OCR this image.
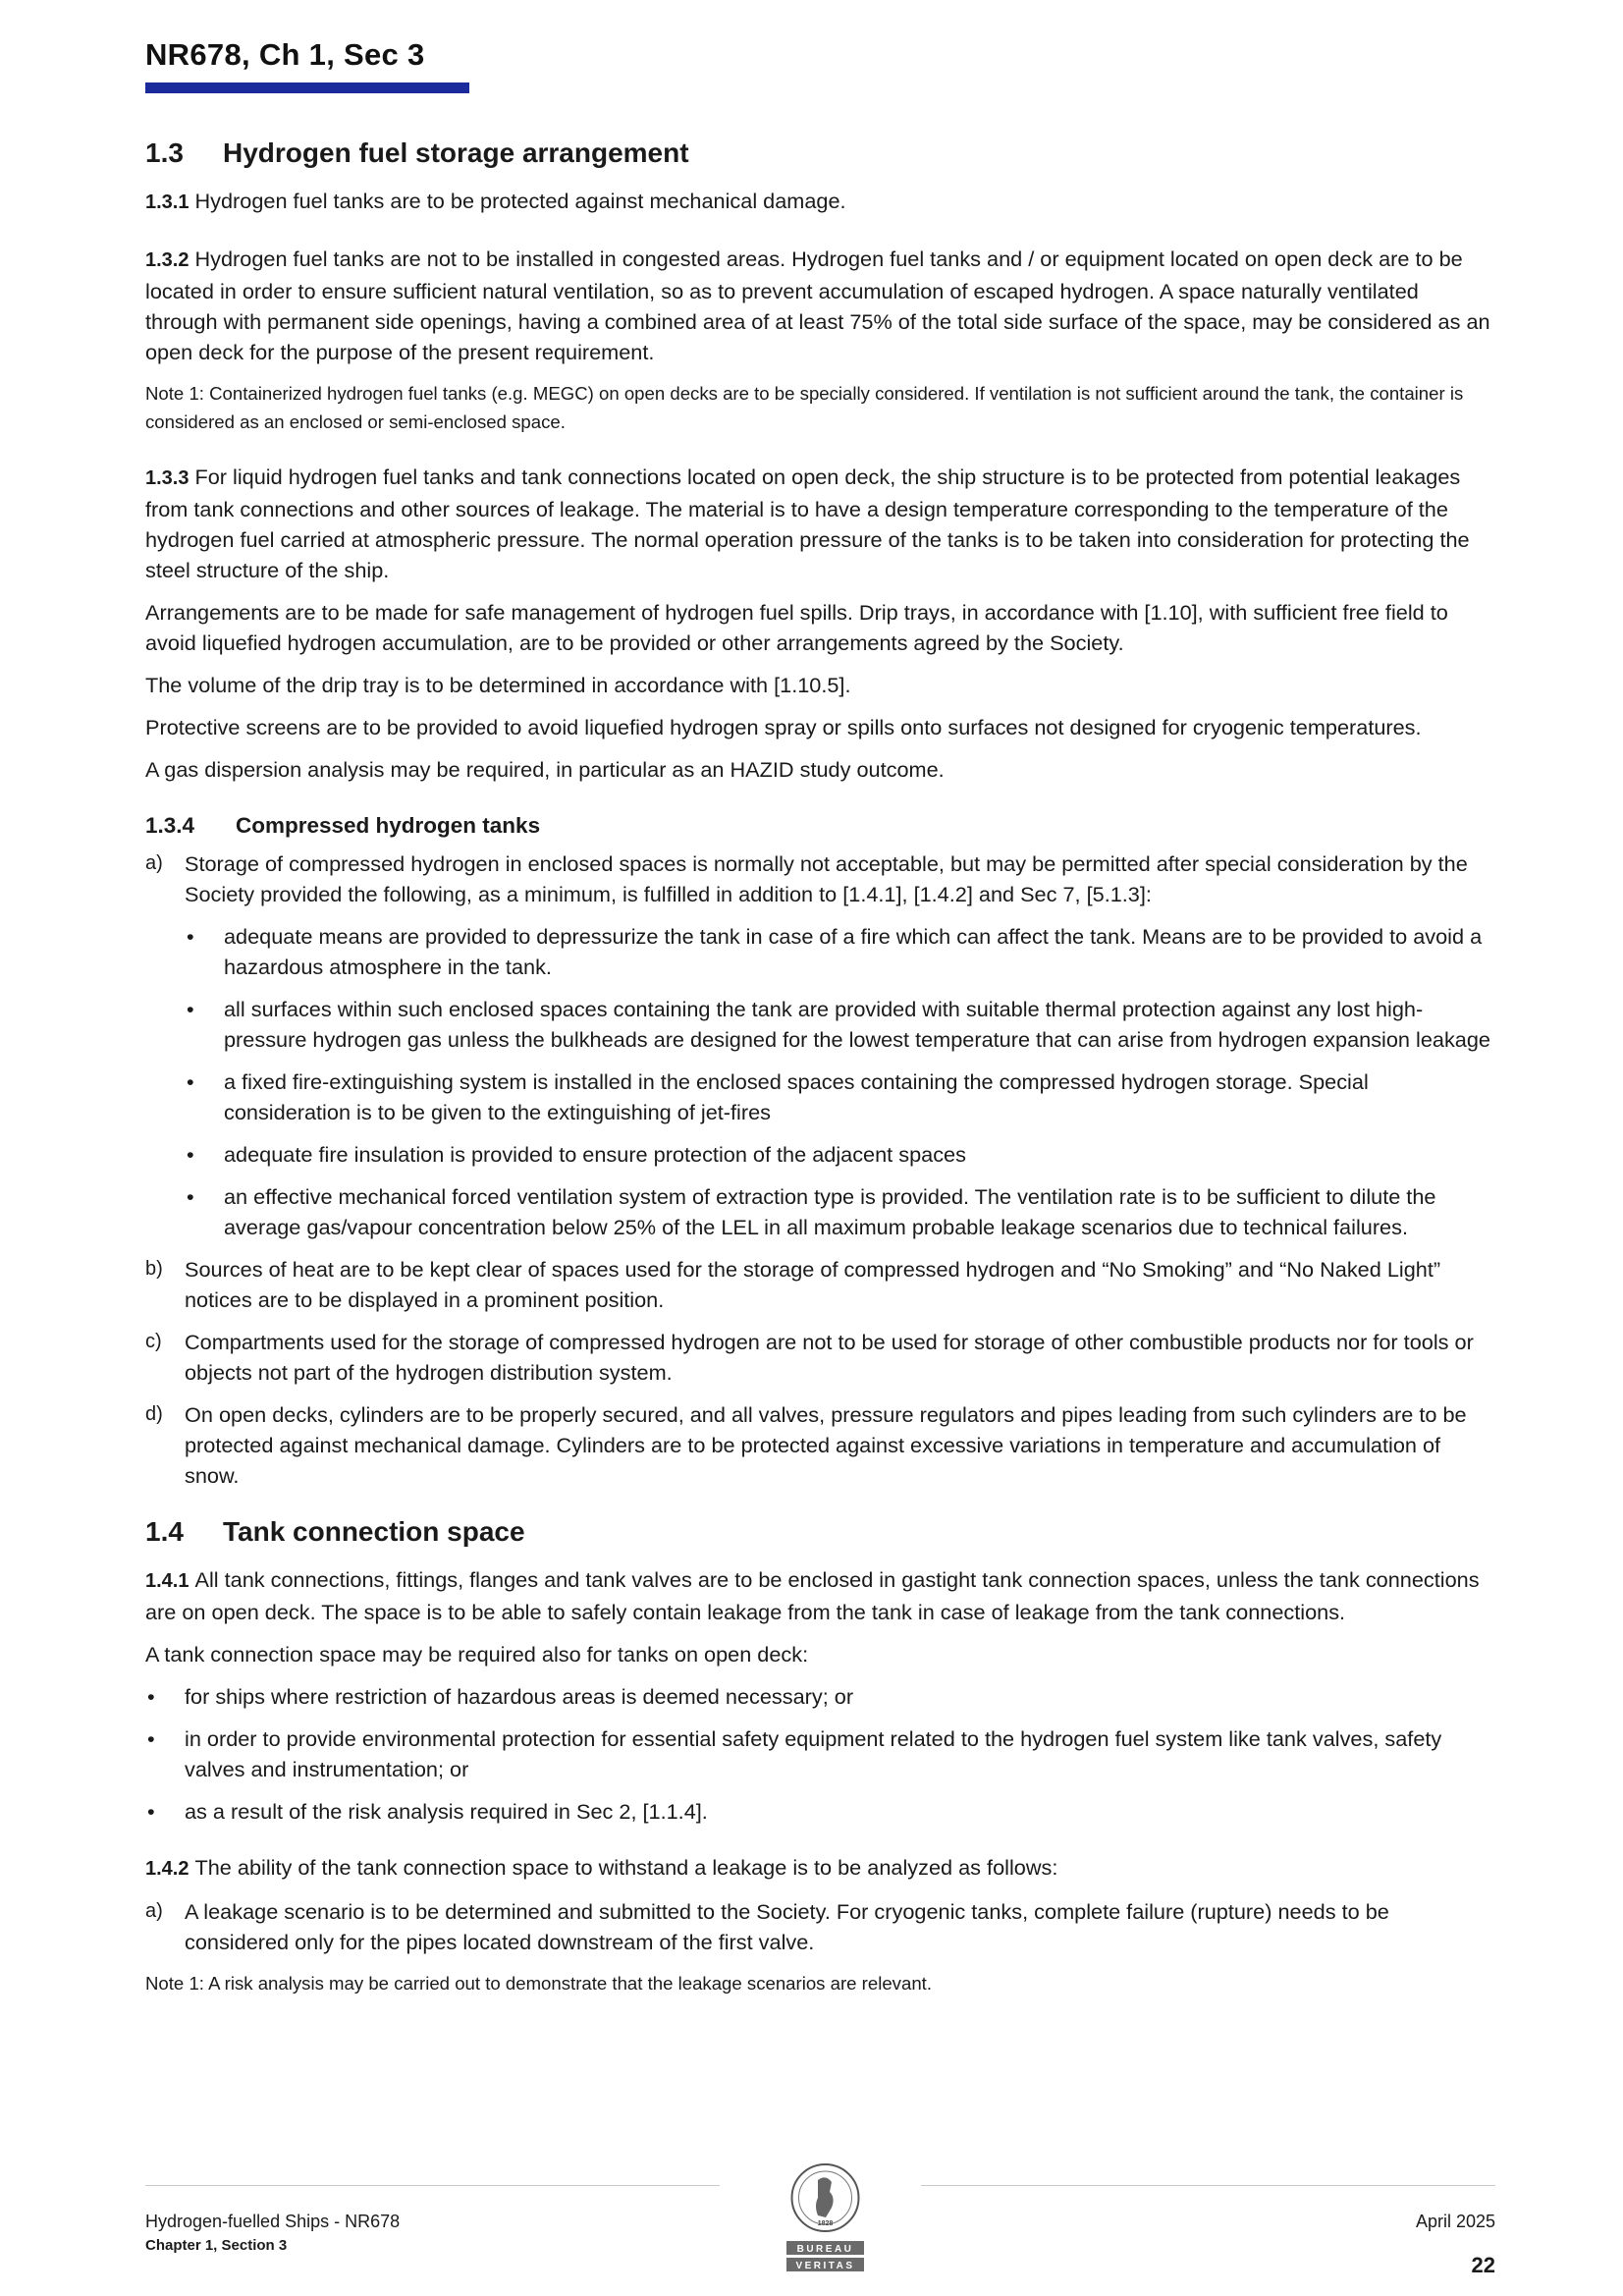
NR678, Ch 1, Sec 3
1.3 Hydrogen fuel storage arrangement

1.3.1 Hydrogen fuel tanks are to be protected against mechanical damage.

1.3.2 Hydrogen fuel tanks are not to be installed in congested areas. Hydrogen fuel tanks and / or equipment located on open deck are to be located in order to ensure sufficient natural ventilation, so as to prevent accumulation of escaped hydrogen. A space naturally ventilated through with permanent side openings, having a combined area of at least 75% of the total side surface of the space, may be considered as an open deck for the purpose of the present requirement.

Note 1: Containerized hydrogen fuel tanks (e.g. MEGC) on open decks are to be specially considered. If ventilation is not sufficient around the tank, the container is considered as an enclosed or semi-enclosed space.

1.3.3 For liquid hydrogen fuel tanks and tank connections located on open deck, the ship structure is to be protected from potential leakages from tank connections and other sources of leakage. The material is to have a design temperature corresponding to the temperature of the hydrogen fuel carried at atmospheric pressure. The normal operation pressure of the tanks is to be taken into consideration for protecting the steel structure of the ship.

Arrangements are to be made for safe management of hydrogen fuel spills. Drip trays, in accordance with [1.10], with sufficient free field to avoid liquefied hydrogen accumulation, are to be provided or other arrangements agreed by the Society.

The volume of the drip tray is to be determined in accordance with [1.10.5].

Protective screens are to be provided to avoid liquefied hydrogen spray or spills onto surfaces not designed for cryogenic temperatures.

A gas dispersion analysis may be required, in particular as an HAZID study outcome.

1.3.4 Compressed hydrogen tanks
a) Storage of compressed hydrogen in enclosed spaces is normally not acceptable, but may be permitted after special consideration by the Society provided the following, as a minimum, is fulfilled in addition to [1.4.1], [1.4.2] and Sec 7, [5.1.3]:
• adequate means are provided to depressurize the tank in case of a fire which can affect the tank. Means are to be provided to avoid a hazardous atmosphere in the tank.
• all surfaces within such enclosed spaces containing the tank are provided with suitable thermal protection against any lost high-pressure hydrogen gas unless the bulkheads are designed for the lowest temperature that can arise from hydrogen expansion leakage
• a fixed fire-extinguishing system is installed in the enclosed spaces containing the compressed hydrogen storage. Special consideration is to be given to the extinguishing of jet-fires
• adequate fire insulation is provided to ensure protection of the adjacent spaces
• an effective mechanical forced ventilation system of extraction type is provided. The ventilation rate is to be sufficient to dilute the average gas/vapour concentration below 25% of the LEL in all maximum probable leakage scenarios due to technical failures.
b) Sources of heat are to be kept clear of spaces used for the storage of compressed hydrogen and “No Smoking” and “No Naked Light” notices are to be displayed in a prominent position.
c) Compartments used for the storage of compressed hydrogen are not to be used for storage of other combustible products nor for tools or objects not part of the hydrogen distribution system.
d) On open decks, cylinders are to be properly secured, and all valves, pressure regulators and pipes leading from such cylinders are to be protected against mechanical damage. Cylinders are to be protected against excessive variations in temperature and accumulation of snow.
1.4 Tank connection space

1.4.1 All tank connections, fittings, flanges and tank valves are to be enclosed in gastight tank connection spaces, unless the tank connections are on open deck. The space is to be able to safely contain leakage from the tank in case of leakage from the tank connections.

A tank connection space may be required also for tanks on open deck:

• for ships where restriction of hazardous areas is deemed necessary; or
• in order to provide environmental protection for essential safety equipment related to the hydrogen fuel system like tank valves, safety valves and instrumentation; or
• as a result of the risk analysis required in Sec 2, [1.1.4].

1.4.2 The ability of the tank connection space to withstand a leakage is to be analyzed as follows:

a) A leakage scenario is to be determined and submitted to the Society. For cryogenic tanks, complete failure (rupture) needs to be considered only for the pipes located downstream of the first valve.

Note 1: A risk analysis may be carried out to demonstrate that the leakage scenarios are relevant.

Hydrogen-fuelled Ships - NR678
Chapter 1, Section 3
April 2025
22
1828
BUREAU
VERITAS
